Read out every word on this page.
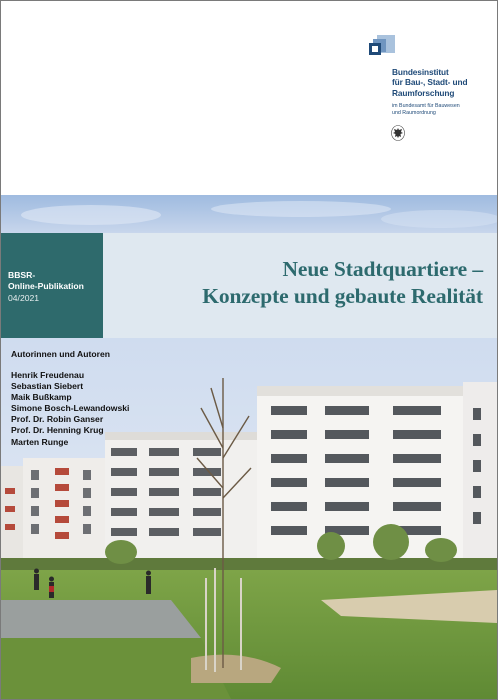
Bundesinstitut
für Bau-, Stadt- und
Raumforschung
im Bundesamt für Bauwesen
und Raumordnung
BBSR-
Online-Publikation
04/2021
Neue Stadtquartiere –
Konzepte und gebaute Realität
Autorinnen und Autoren
Henrik Freudenau
Sebastian Siebert
Maik Bußkamp
Simone Bosch-Lewandowski
Prof. Dr. Robin Ganser
Prof. Dr. Henning Krug
Marten Runge
